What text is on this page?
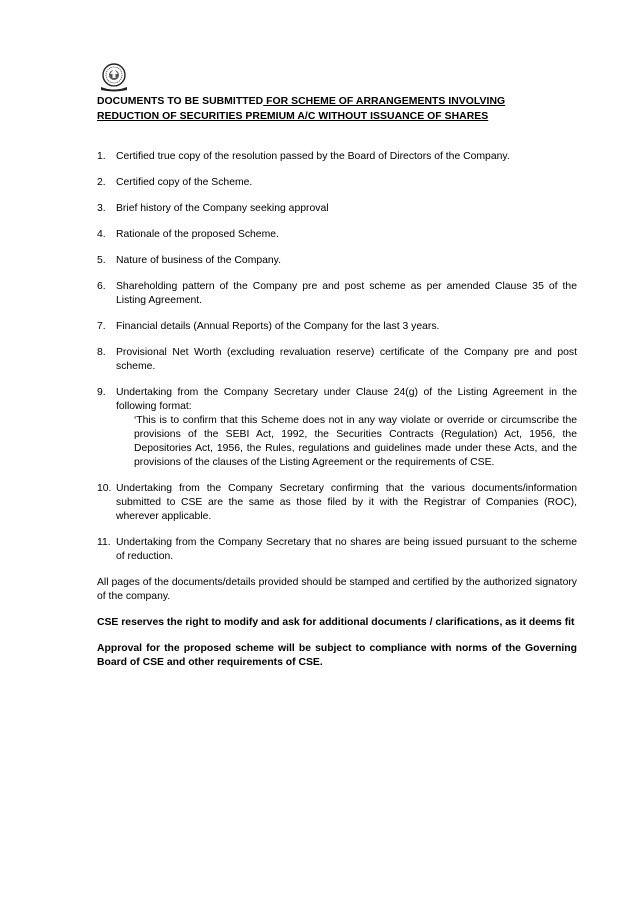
DOCUMENTS TO BE SUBMITTED FOR SCHEME OF ARRANGEMENTS INVOLVING
REDUCTION OF SECURITIES PREMIUM A/C WITHOUT ISSUANCE OF SHARES
1. Certified true copy of the resolution passed by the Board of Directors of the Company.
2. Certified copy of the Scheme.
3. Brief history of the Company seeking approval
4. Rationale of the proposed Scheme.
5. Nature of business of the Company.
6. Shareholding pattern of the Company pre and post scheme as per amended Clause 35 of the Listing Agreement.
7. Financial details (Annual Reports) of the Company for the last 3 years.
8. Provisional Net Worth (excluding revaluation reserve) certificate of the Company pre and post scheme.
9. Undertaking from the Company Secretary under Clause 24(g) of the Listing Agreement in the following format:
‘This is to confirm that this Scheme does not in any way violate or override or circumscribe the provisions of the SEBI Act, 1992, the Securities Contracts (Regulation) Act, 1956, the Depositories Act, 1956, the Rules, regulations and guidelines made under these Acts, and the provisions of the clauses of the Listing Agreement or the requirements of CSE.
10. Undertaking from the Company Secretary confirming that the various documents/information submitted to CSE are the same as those filed by it with the Registrar of Companies (ROC), wherever applicable.
11. Undertaking from the Company Secretary that no shares are being issued pursuant to the scheme of reduction.
All pages of the documents/details provided should be stamped and certified by the authorized signatory of the company.
CSE reserves the right to modify and ask for additional documents / clarifications, as it deems fit
Approval for the proposed scheme will be subject to compliance with norms of the Governing Board of CSE and other requirements of CSE.
